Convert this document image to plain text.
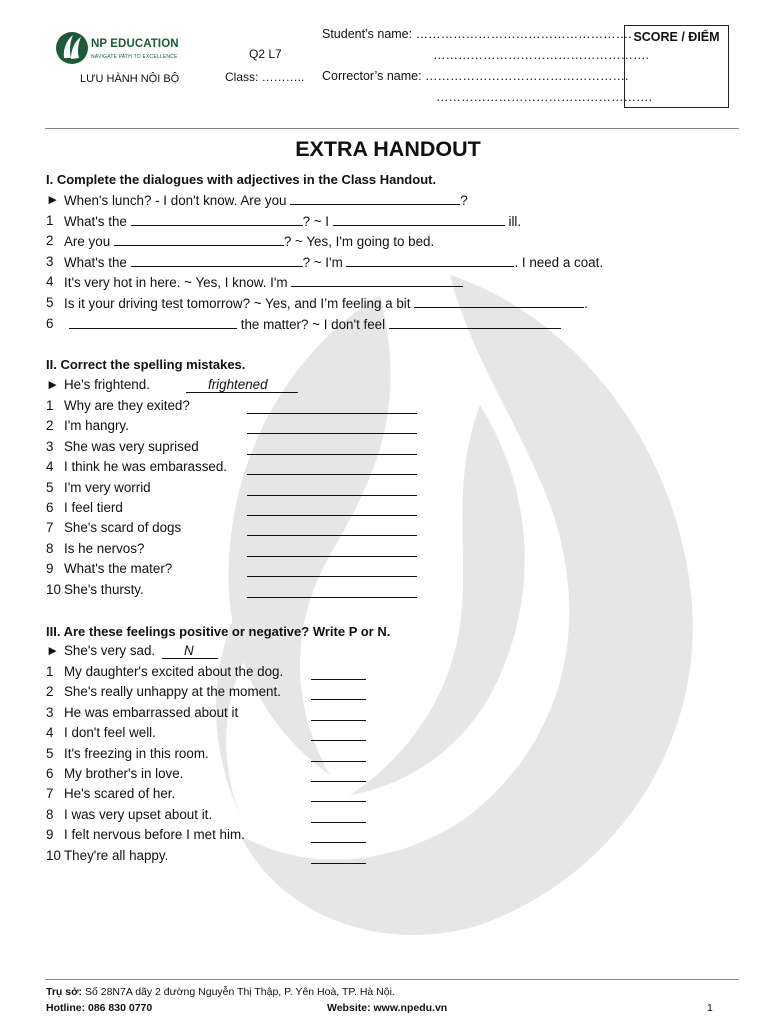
NP EDUCATION
NAVIGATE PATH TO EXCELLENCE
LƯU HÀNH NỘI BỘ
Q2 L7
Class: ………..
Student’s name: …………………………………………….
…………………………………………….
Corrector’s name: ………………………………………….
…………………………………………….
SCORE / ĐIỂM
EXTRA HANDOUT
I. Complete the dialogues with adjectives in the Class Handout.
► When's lunch? - I don't know. Are you	?
1 What's the	? ~ I	ill.
2 Are you	? ~ Yes, I'm going to bed.
3 What's the	? ~ I'm	. I need a coat.
4 It's very hot in here. ~ Yes, I know. I'm
5 Is it your driving test tomorrow? ~ Yes, and I’m feeling a bit	.
6	the matter? ~ I don't feel
II. Correct the spelling mistakes.
► He's frightend.	frightened
1 Why are they exited?
2 I'm hangry.
3 She was very suprised
4 I think he was embarassed.
5 I'm very worrid
6 I feel tierd
7 She's scard of dogs
8 Is he nervos?
9 What's the mater?
10 She's thursty.
III. Are these feelings positive or negative? Write P or N.
► She's very sad.	N
1 My daughter's excited about the dog.
2 She's really unhappy at the moment.
3 He was embarrassed about it
4 I don't feel well.
5 It's freezing in this room.
6 My brother's in love.
7 He's scared of her.
8 I was very upset about it.
9 I felt nervous before I met him.
10 They're all happy.
Trụ sở: Số 28N7A dãy 2 đường Nguyễn Thị Thập, P. Yên Hoà, TP. Hà Nội.
Hotline: 086 830 0770	Website: www.npedu.vn	1
